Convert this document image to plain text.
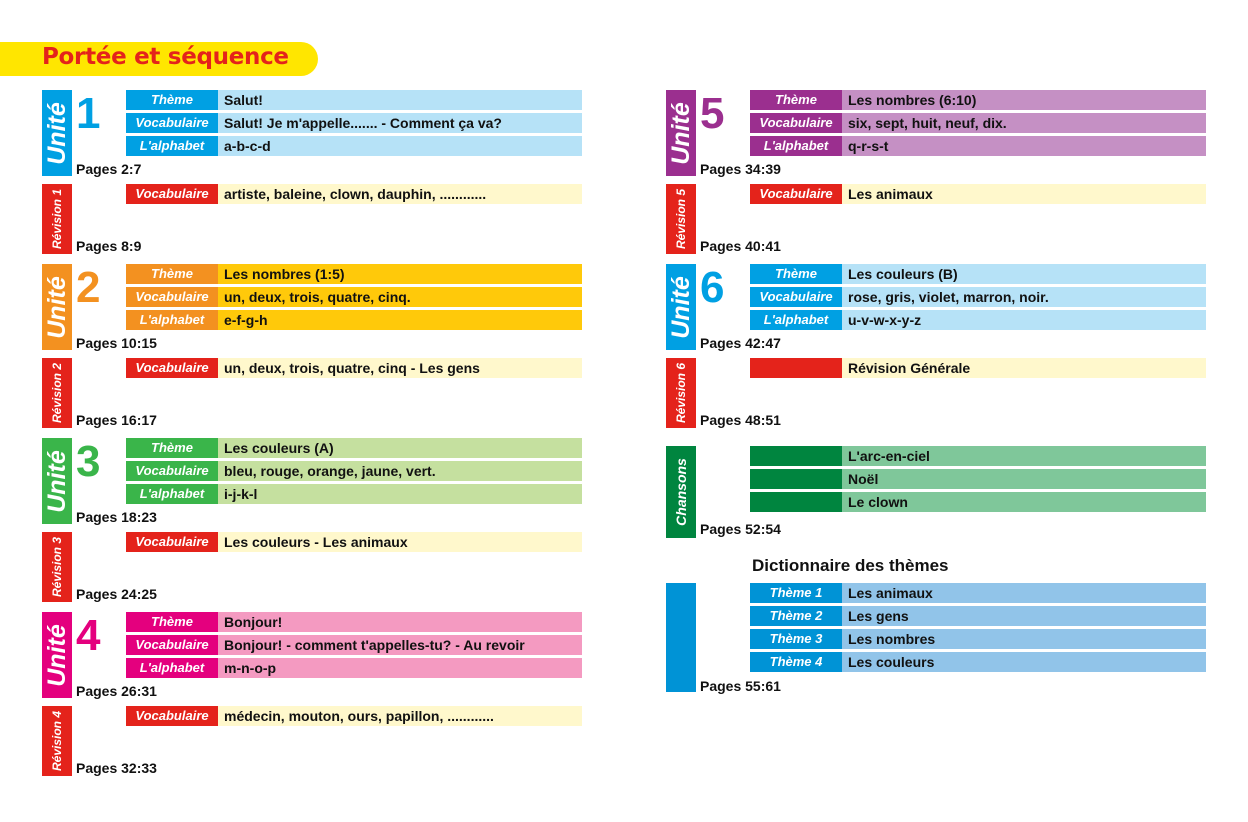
Portée et séquence
Unité 1	Thème	Salut!
Vocabulaire	Salut! Je m'appelle....... - Comment ça va?
L'alphabet	a-b-c-d
Pages 2:7
Révision 1	Vocabulaire	artiste, baleine, clown, dauphin, ............
Pages 8:9
Unité 2	Thème	Les nombres (1:5)
Vocabulaire	un, deux, trois, quatre, cinq.
L'alphabet	e-f-g-h
Pages 10:15
Révision 2	Vocabulaire	un, deux, trois, quatre, cinq - Les gens
Pages 16:17
Unité 3	Thème	Les couleurs (A)
Vocabulaire	bleu, rouge, orange, jaune, vert.
L'alphabet	i-j-k-l
Pages 18:23
Révision 3	Vocabulaire	Les couleurs - Les animaux
Pages 24:25
Unité 4	Thème	Bonjour!
Vocabulaire	Bonjour! - comment t'appelles-tu? - Au revoir
L'alphabet	m-n-o-p
Pages 26:31
Révision 4	Vocabulaire	médecin, mouton, ours, papillon, ............
Pages 32:33
Unité 5	Thème	Les nombres (6:10)
Vocabulaire	six, sept, huit, neuf, dix.
L'alphabet	q-r-s-t
Pages 34:39
Révision 5	Vocabulaire	Les animaux
Pages 40:41
Unité 6	Thème	Les couleurs (B)
Vocabulaire	rose, gris, violet, marron, noir.
L'alphabet	u-v-w-x-y-z
Pages 42:47
Révision 6	Révision Générale
Pages 48:51
Chansons
L'arc-en-ciel
Noël
Le clown
Pages 52:54
Thème 1	Les animaux
Thème 2	Les gens
Thème 3	Les nombres
Thème 4	Les couleurs
Pages 55:61
Dictionnaire des thèmes
